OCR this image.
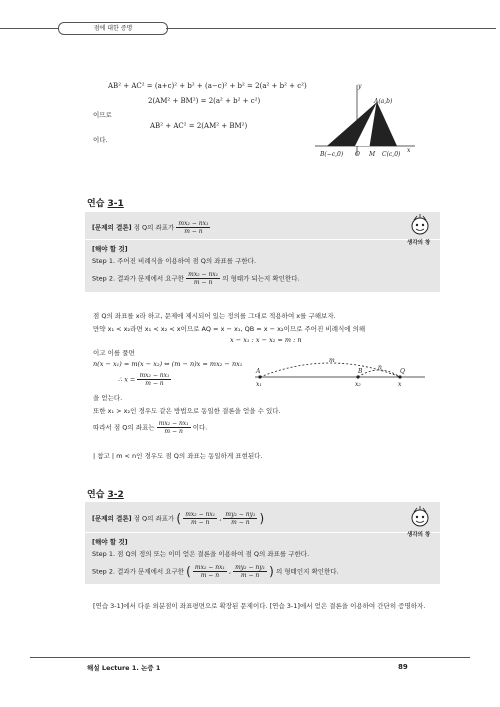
점에 대한 증명
AB² + AC² = (a+c)² + b² + (a−c)² + b² = 2(a² + b² + c²)
2(AM² + BM²) = 2(a² + b² + c²)
이므로
AB² + AC² = 2(AM² + BM²)
이다.
y
x
A(a,b)
B(−c,0) O M C(c,0)
연습 3-1
[문제의 결론] 점 Q의 좌표가 $\frac{\text{mx₂ − nx₁}}{m - n}$
[해야 할 것]
Step 1. 주어진 비례식을 이용하여 점 Q의 좌표를 구한다.
Step 2. 결과가 문제에서 요구한 $\frac{\text{mx₂ − nx₁}}{m - n}$ 의 형태가 되는지 확인한다.
생각의 창
점 Q의 좌표를 x라 하고, 문제에 제시되어 있는 정의를 그대로 적용하여 x를 구해보자.
만약 x₁ < x₂라면 x₁ < x₂ < x이므로 AQ = x − x₁, QB = x − x₂이므로 주어진 비례식에 의해
x − x₁ : x − x₂ = m : n
이고 이를 풀면
n(x − x₁) = m(x − x₂) ⇔ (m − n)x = mx₂ − nx₁
∴ $x = \frac{\text{mx₂ − nx₁}}{m - n}$
을 얻는다.
또한 x₁ > x₂인 경우도 같은 방법으로 동일한 결론을 얻을 수 있다.
따라서 점 Q의 좌표는 $\frac{\text{mx₂ − nx₁}}{m - n}$ 이다.
| 참고 | m < n인 경우도 점 Q의 좌표는 동일하게 표현된다.
A	B	Q
m
n
x₁	x₂	x
연습 3-2
[문제의 결론] 점 Q의 좌표가 ( $\frac{\text{mx₂ − nx₁}}{m - n}$ , $\frac{\text{my₂ − ny₁}}{m - n}$ )
[해야 할 것]
Step 1. 점 Q의 정의 또는 이미 얻은 결론을 이용하여 점 Q의 좌표를 구한다.
Step 2. 결과가 문제에서 요구한 ( $\frac{\text{mx₂ − nx₁}}{m - n}$ , $\frac{\text{my₂ − ny₁}}{m - n}$ ) 의 형태인지 확인한다.
생각의 창
[연습 3-1]에서 다룬 외분점이 좌표평면으로 확장된 문제이다. [연습 3-1]에서 얻은 결론을 이용하여 간단히 증명하자.
해설 Lecture 1. 논증 1	89
